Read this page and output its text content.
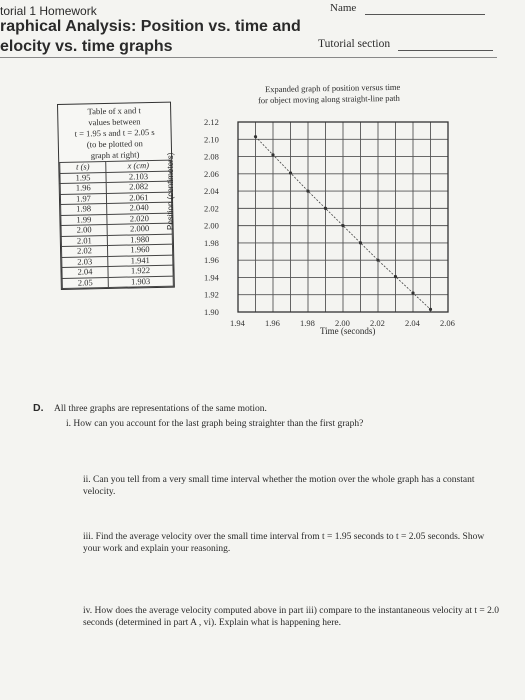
torial 1 Homework	Name
raphical Analysis: Position vs. time and
elocity vs. time graphs	Tutorial section
Table of x and t
values between
t = 1.95 s and t = 2.05 s
(to be plotted on
graph at right)
t (s)	x (cm)
1.95	2.103
1.96	2.082
1.97	2.061
1.98	2.040
1.99	2.020
2.00	2.000
2.01	1.980
2.02	1.960
2.03	1.941
2.04	1.922
2.05	1.903
Expanded graph of position versus time
for object moving along straight-line path
Position (centimeters)
Time (seconds)
1.90
1.92
1.94
1.96
1.98
2.00
2.02
2.04
2.06
2.08
2.10
2.12
1.94 1.96 1.98 2.00 2.02 2.04 2.06
D. All three graphs are representations of the same motion.
i. How can you account for the last graph being straighter than the first graph?
ii. Can you tell from a very small time interval whether the motion over the whole graph has a constant velocity.
iii. Find the average velocity over the small time interval from t = 1.95 seconds to t = 2.05 seconds. Show your work and explain your reasoning.
iv. How does the average velocity computed above in part iii) compare to the instantaneous velocity at t = 2.0 seconds (determined in part A , vi). Explain what is happening here.
